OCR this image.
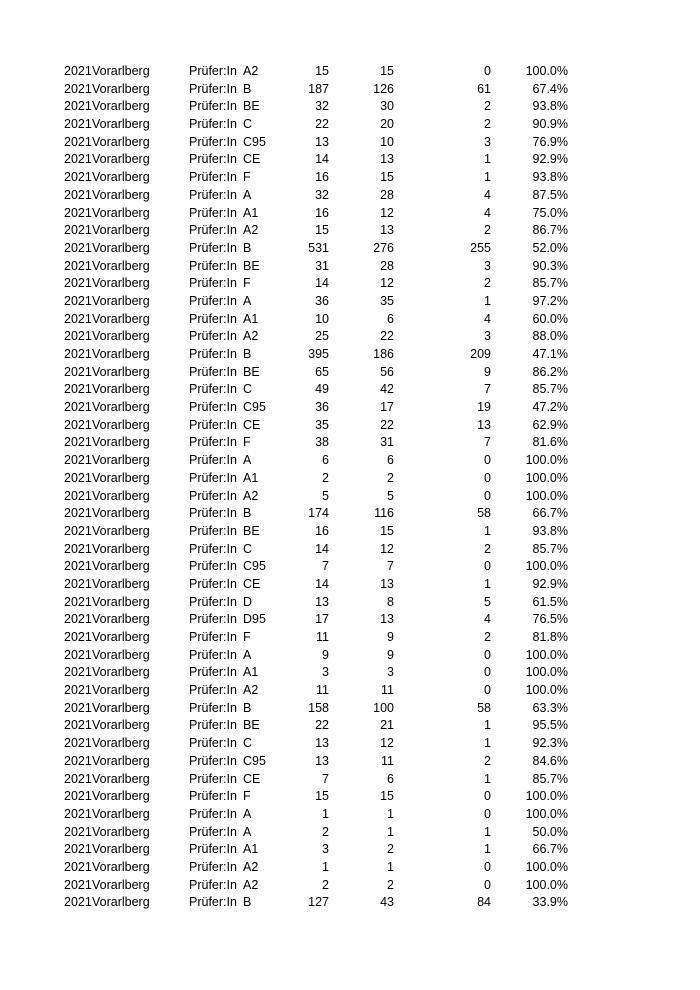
2021 Vorarlberg	Prüfer:In A2	15	15	0	100.0%
2021 Vorarlberg	Prüfer:In B	187	126	61	67.4%
2021 Vorarlberg	Prüfer:In BE	32	30	2	93.8%
2021 Vorarlberg	Prüfer:In C	22	20	2	90.9%
2021 Vorarlberg	Prüfer:In C95	13	10	3	76.9%
2021 Vorarlberg	Prüfer:In CE	14	13	1	92.9%
2021 Vorarlberg	Prüfer:In F	16	15	1	93.8%
2021 Vorarlberg	Prüfer:In A	32	28	4	87.5%
2021 Vorarlberg	Prüfer:In A1	16	12	4	75.0%
2021 Vorarlberg	Prüfer:In A2	15	13	2	86.7%
2021 Vorarlberg	Prüfer:In B	531	276	255	52.0%
2021 Vorarlberg	Prüfer:In BE	31	28	3	90.3%
2021 Vorarlberg	Prüfer:In F	14	12	2	85.7%
2021 Vorarlberg	Prüfer:In A	36	35	1	97.2%
2021 Vorarlberg	Prüfer:In A1	10	6	4	60.0%
2021 Vorarlberg	Prüfer:In A2	25	22	3	88.0%
2021 Vorarlberg	Prüfer:In B	395	186	209	47.1%
2021 Vorarlberg	Prüfer:In BE	65	56	9	86.2%
2021 Vorarlberg	Prüfer:In C	49	42	7	85.7%
2021 Vorarlberg	Prüfer:In C95	36	17	19	47.2%
2021 Vorarlberg	Prüfer:In CE	35	22	13	62.9%
2021 Vorarlberg	Prüfer:In F	38	31	7	81.6%
2021 Vorarlberg	Prüfer:In A	6	6	0	100.0%
2021 Vorarlberg	Prüfer:In A1	2	2	0	100.0%
2021 Vorarlberg	Prüfer:In A2	5	5	0	100.0%
2021 Vorarlberg	Prüfer:In B	174	116	58	66.7%
2021 Vorarlberg	Prüfer:In BE	16	15	1	93.8%
2021 Vorarlberg	Prüfer:In C	14	12	2	85.7%
2021 Vorarlberg	Prüfer:In C95	7	7	0	100.0%
2021 Vorarlberg	Prüfer:In CE	14	13	1	92.9%
2021 Vorarlberg	Prüfer:In D	13	8	5	61.5%
2021 Vorarlberg	Prüfer:In D95	17	13	4	76.5%
2021 Vorarlberg	Prüfer:In F	11	9	2	81.8%
2021 Vorarlberg	Prüfer:In A	9	9	0	100.0%
2021 Vorarlberg	Prüfer:In A1	3	3	0	100.0%
2021 Vorarlberg	Prüfer:In A2	11	11	0	100.0%
2021 Vorarlberg	Prüfer:In B	158	100	58	63.3%
2021 Vorarlberg	Prüfer:In BE	22	21	1	95.5%
2021 Vorarlberg	Prüfer:In C	13	12	1	92.3%
2021 Vorarlberg	Prüfer:In C95	13	11	2	84.6%
2021 Vorarlberg	Prüfer:In CE	7	6	1	85.7%
2021 Vorarlberg	Prüfer:In F	15	15	0	100.0%
2021 Vorarlberg	Prüfer:In A	1	1	0	100.0%
2021 Vorarlberg	Prüfer:In A	2	1	1	50.0%
2021 Vorarlberg	Prüfer:In A1	3	2	1	66.7%
2021 Vorarlberg	Prüfer:In A2	1	1	0	100.0%
2021 Vorarlberg	Prüfer:In A2	2	2	0	100.0%
2021 Vorarlberg	Prüfer:In B	127	43	84	33.9%
